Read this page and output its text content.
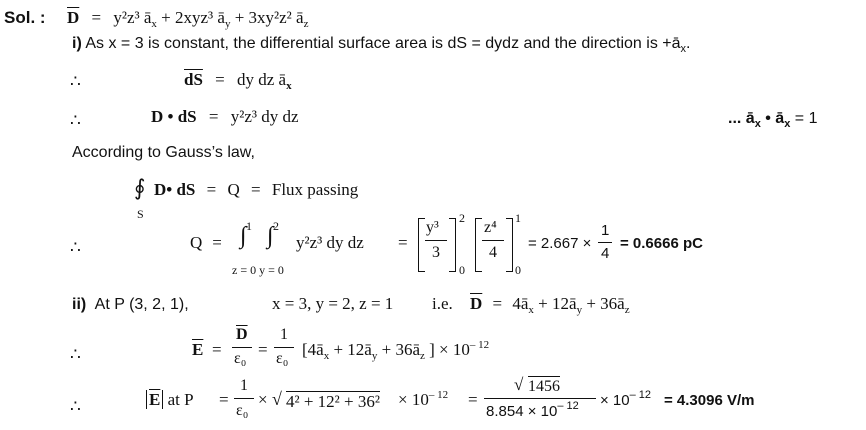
Sol. : $\overline{D} = y^2z^3$ $ā_x + 2xyz^3$ $ā_y + 3xy^2z^2$ $ā_z$
i) As x = 3 is constant, the differential surface area is dS = dydz and the direction is $+ā_x$.
∴	$\overline{dS}$ = dy dz $ā_x$
∴	D • dS = y²z³ dy dz	... $ā_x$ • $ā_x = 1$
According to Gauss’s law,
∮
S
D• dS = Q = Flux passing
∴	Q =
1 2
∫ ∫
z = 0 y = 0
y²z³ dy dz =
y³
3
2
0
z⁴
4
1
0
= 2.667 ×
1
4
= 0.6666 pC
ii) At P (3, 2, 1),	x = 3, y = 2, z = 1 i.e. $\overline{D}$ = $4ā_x$ + $12ā_y$ + $36ā_z$
∴	$\overline{E}$ =
$\overline{D}$
ε₀ =
1
ε₀ [$4ā_x$ + $12ā_y$ + $36ā_z$ ] × $10^{- 12}$
∴	$\overline{E}$ at P =
1
ε₀
× √ $4^2 + 12^2 + 36^2 \times 10^{- 12}$ =
√ 1456
$8.854 \times 10^{- 12} \times 10^{- 12} = 4.3096$ V/m
